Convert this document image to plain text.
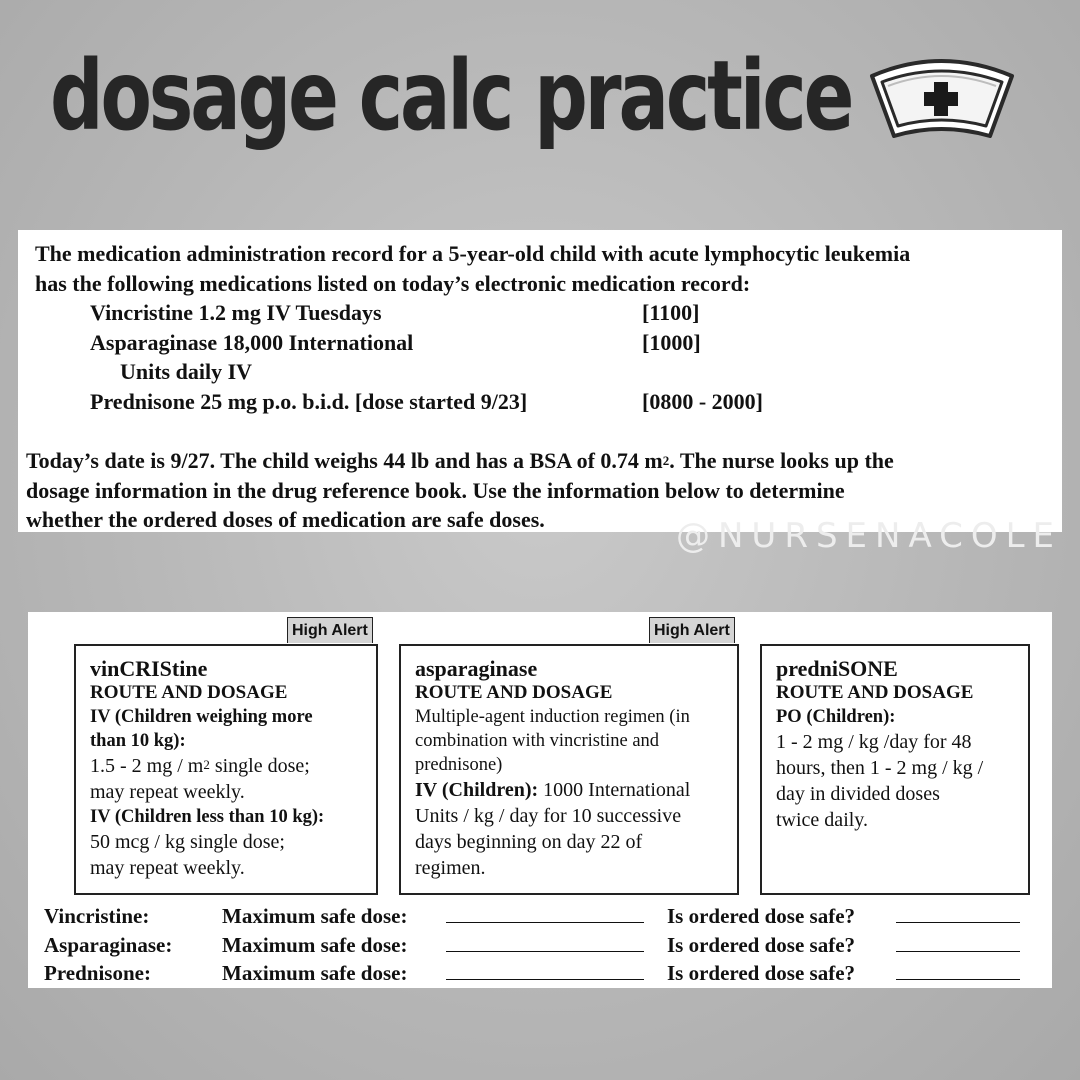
dosage calc practice

The medication administration record for a 5-year-old child with acute lymphocytic leukemia

has the following medications listed on today’s electronic medication record:

Vincristine 1.2 mg IV Tuesdays	[1100]
Asparaginase 18,000 International	[1000]
Units daily IV
Prednisone 25 mg p.o. b.i.d. [dose started 9/23]	[0800 - 2000]

Today’s date is 9/27. The child weighs 44 lb and has a BSA of 0.74 $m^2$. The nurse looks up the

dosage information in the drug reference book. Use the information below to determine

whether the ordered doses of medication are safe doses.	@NURSENACOLE

High Alert	High Alert

vinCRIStine

ROUTE AND DOSAGE

IV (Children weighing more

than 10 kg):

1.5 - 2 mg / $m^2$ single dose;

may repeat weekly.

IV (Children less than 10 kg):

50 mcg / kg single dose;

may repeat weekly.

asparaginase

ROUTE AND DOSAGE

Multiple-agent induction regimen (in

combination with vincristine and

prednisone)

IV (Children): 1000 International

Units / kg / day for 10 successive

days beginning on day 22 of

regimen.

predniSONE

ROUTE AND DOSAGE

PO (Children):

1 - 2 mg / kg /day for 48

hours, then 1 - 2 mg / kg /

day in divided doses

twice daily.

Vincristine:	Maximum safe dose:	Is ordered dose safe?
Asparaginase: Maximum safe dose:	Is ordered dose safe?
Prednisone:	Maximum safe dose:	Is ordered dose safe?
